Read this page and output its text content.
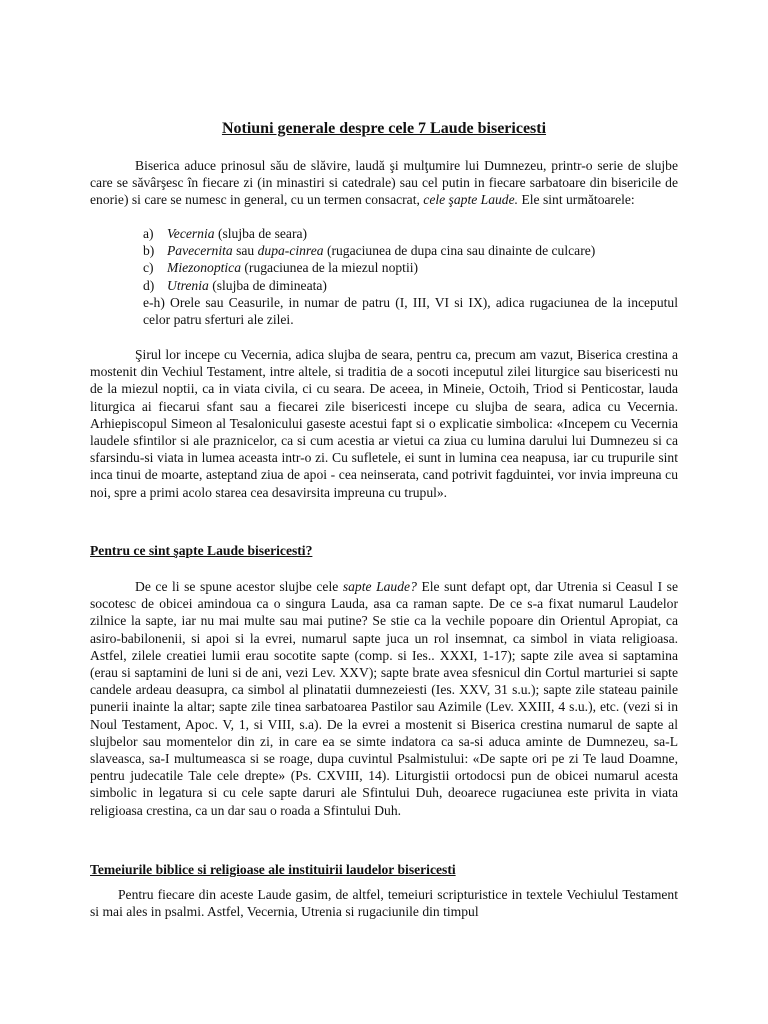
Notiuni generale despre cele 7 Laude bisericesti

Biserica aduce prinosul său de slăvire, laudă şi mulţumire lui Dumnezeu, printr-o serie de slujbe care se săvârşesc în fiecare zi (in minastiri si catedrale) sau cel putin in fiecare sarbatoare din bisericile de enorie) si care se numesc in general, cu un termen consacrat, cele şapte Laude. Ele sint următoarele:

a) Vecernia (slujba de seara)
b) Pavecernita sau dupa-cinrea (rugaciunea de dupa cina sau dinainte de culcare)
c) Miezonoptica (rugaciunea de la miezul noptii)
d) Utrenia (slujba de dimineata)
e-h) Orele sau Ceasurile, in numar de patru (I, III, VI si IX), adica rugaciunea de la inceputul celor patru sferturi ale zilei.

Şirul lor incepe cu Vecernia, adica slujba de seara, pentru ca, precum am vazut, Biserica crestina a mostenit din Vechiul Testament, intre altele, si traditia de a socoti inceputul zilei liturgice sau bisericesti nu de la miezul noptii, ca in viata civila, ci cu seara. De aceea, in Mineie, Octoih, Triod si Penticostar, lauda liturgica ai fiecarui sfant sau a fiecarei zile bisericesti incepe cu slujba de seara, adica cu Vecernia. Arhiepiscopul Simeon al Tesalonicului gaseste acestui fapt si o explicatie simbolica: «Incepem cu Vecernia laudele sfintilor si ale praznicelor, ca si cum acestia ar vietui ca ziua cu lumina darului lui Dumnezeu si ca sfarsindu-si viata in lumea aceasta intr-o zi. Cu sufletele, ei sunt in lumina cea neapusa, iar cu trupurile sint inca tinui de moarte, asteptand ziua de apoi - cea neinserata, cand potrivit fagduintei, vor invia impreuna cu noi, spre a primi acolo starea cea desavirsita impreuna cu trupul».

Pentru ce sint şapte Laude bisericesti?

De ce li se spune acestor slujbe cele sapte Laude? Ele sunt defapt opt, dar Utrenia si Ceasul I se socotesc de obicei amindoua ca o singura Lauda, asa ca raman sapte. De ce s-a fixat numarul Laudelor zilnice la sapte, iar nu mai multe sau mai putine? Se stie ca la vechile popoare din Orientul Apropiat, ca asiro-babilonenii, si apoi si la evrei, numarul sapte juca un rol insemnat, ca simbol in viata religioasa. Astfel, zilele creatiei lumii erau socotite sapte (comp. si Ies.. XXXI, 1-17); sapte zile avea si saptamina (erau si saptamini de luni si de ani, vezi Lev. XXV); sapte brate avea sfesnicul din Cortul marturiei si sapte candele ardeau deasupra, ca simbol al plinatatii dumnezeiesti (Ies. XXV, 31 s.u.); sapte zile stateau painile punerii inainte la altar; sapte zile tinea sarbatoarea Pastilor sau Azimile (Lev. XXIII, 4 s.u.), etc. (vezi si in Noul Testament, Apoc. V, 1, si VIII, s.a). De la evrei a mostenit si Biserica crestina numarul de sapte al slujbelor sau momentelor din zi, in care ea se simte indatora ca sa-si aduca aminte de Dumnezeu, sa-L slaveasca, sa-I multumeasca si se roage, dupa cuvintul Psalmistului: «De sapte ori pe zi Te laud Doamne, pentru judecatile Tale cele drepte» (Ps. CXVIII, 14). Liturgistii ortodocsi pun de obicei numarul acesta simbolic in legatura si cu cele sapte daruri ale Sfintului Duh, deoarece rugaciunea este privita in viata religioasa crestina, ca un dar sau o roada a Sfintului Duh.

Temeiurile biblice si religioase ale instituirii laudelor bisericesti

Pentru fiecare din aceste Laude gasim, de altfel, temeiuri scripturistice in textele Vechiulul Testament si mai ales in psalmi. Astfel, Vecernia, Utrenia si rugaciunile din timpul
